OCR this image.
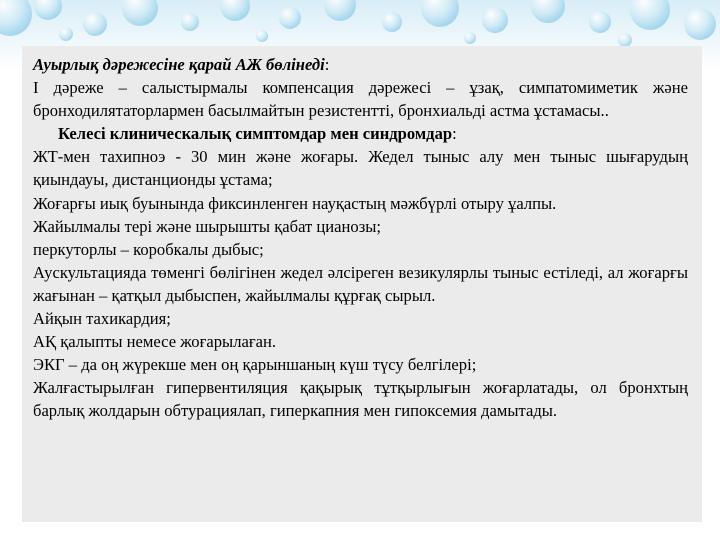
Ауырлық дәрежесіне қарай АЖ бөлінеді:

I дәреже – салыстырмалы компенсация дәрежесі – ұзақ, симпатомиметик және бронходилятаторлармен басылмайтын резистентті, бронхиальді астма ұстамасы..

Келесі клиническалық симптомдар мен синдромдар:

ЖТ-мен тахипноэ - 30 мин және жоғары. Жедел тыныс алу мен тыныс шығарудың қиындауы, дистанционды ұстама;

Жоғарғы иық буынында фиксинленген науқастың мәжбүрлі отыру ұалпы.

Жайылмалы тері және шырышты қабат цианозы;

перкуторлы – коробкалы дыбыс;

Аускультацияда төменгі бөлігінен жедел әлсіреген везикулярлы тыныс естіледі, ал жоғарғы жағынан – қатқыл дыбыспен, жайылмалы құрғақ сырыл.

Айқын тахикардия;

АҚ қалыпты немесе жоғарылаған.

ЭКГ – да оң жүрекше мен оң қарыншаның күш түсу белгілері;

Жалғастырылған гипервентиляция қақырық тұтқырлығын жоғарлатады, ол бронхтың барлық жолдарын обтурациялап, гиперкапния мен гипоксемия дамытады.
